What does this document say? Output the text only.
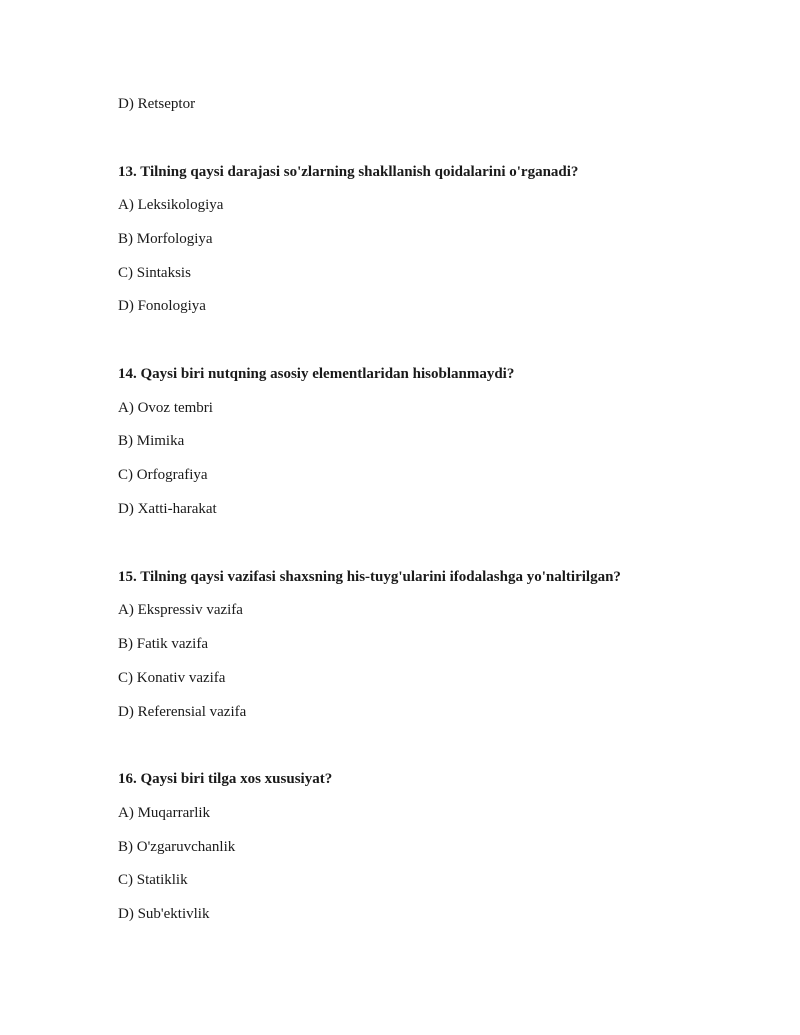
D) Retseptor
13. Tilning qaysi darajasi so'zlarning shakllanish qoidalarini o'rganadi?
A) Leksikologiya
B) Morfologiya
C) Sintaksis
D) Fonologiya
14. Qaysi biri nutqning asosiy elementlaridan hisoblanmaydi?
A) Ovoz tembri
B) Mimika
C) Orfografiya
D) Xatti-harakat
15. Tilning qaysi vazifasi shaxsning his-tuyg'ularini ifodalashga yo'naltirilgan?
A) Ekspressiv vazifa
B) Fatik vazifa
C) Konativ vazifa
D) Referensial vazifa
16. Qaysi biri tilga xos xususiyat?
A) Muqarrarlik
B) O'zgaruvchanlik
C) Statiklik
D) Sub'ektivlik
